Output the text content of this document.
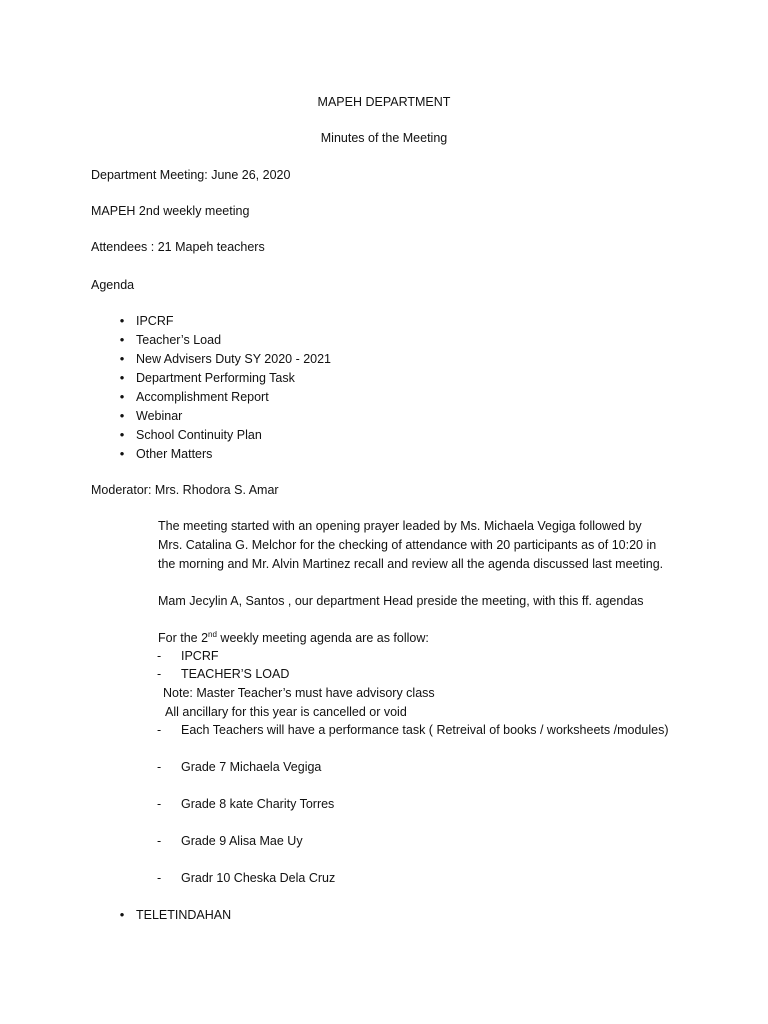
MAPEH DEPARTMENT
Minutes of the Meeting
Department Meeting: June 26, 2020
MAPEH 2nd weekly meeting
Attendees : 21 Mapeh teachers
Agenda
• IPCRF
• Teacher’s Load
• New Advisers Duty SY 2020 - 2021
• Department Performing Task
• Accomplishment Report
• Webinar
• School Continuity Plan
• Other Matters
Moderator: Mrs. Rhodora S. Amar
The meeting started with an opening prayer leaded by Ms. Michaela Vegiga followed by
Mrs. Catalina G. Melchor for the checking of attendance with 20 participants as of 10:20 in
the morning and Mr. Alvin Martinez recall and review all the agenda discussed last meeting.
Mam Jecylin A, Santos , our department Head preside the meeting, with this ff. agendas
For the 2nd weekly meeting agenda are as follow:
- IPCRF
- TEACHER’S LOAD
Note: Master Teacher’s must have advisory class
All ancillary for this year is cancelled or void
- Each Teachers will have a performance task ( Retreival of books / worksheets /modules)
- Grade 7 Michaela Vegiga
- Grade 8 kate Charity Torres
- Grade 9 Alisa Mae Uy
- Gradr 10 Cheska Dela Cruz
• TELETINDAHAN
